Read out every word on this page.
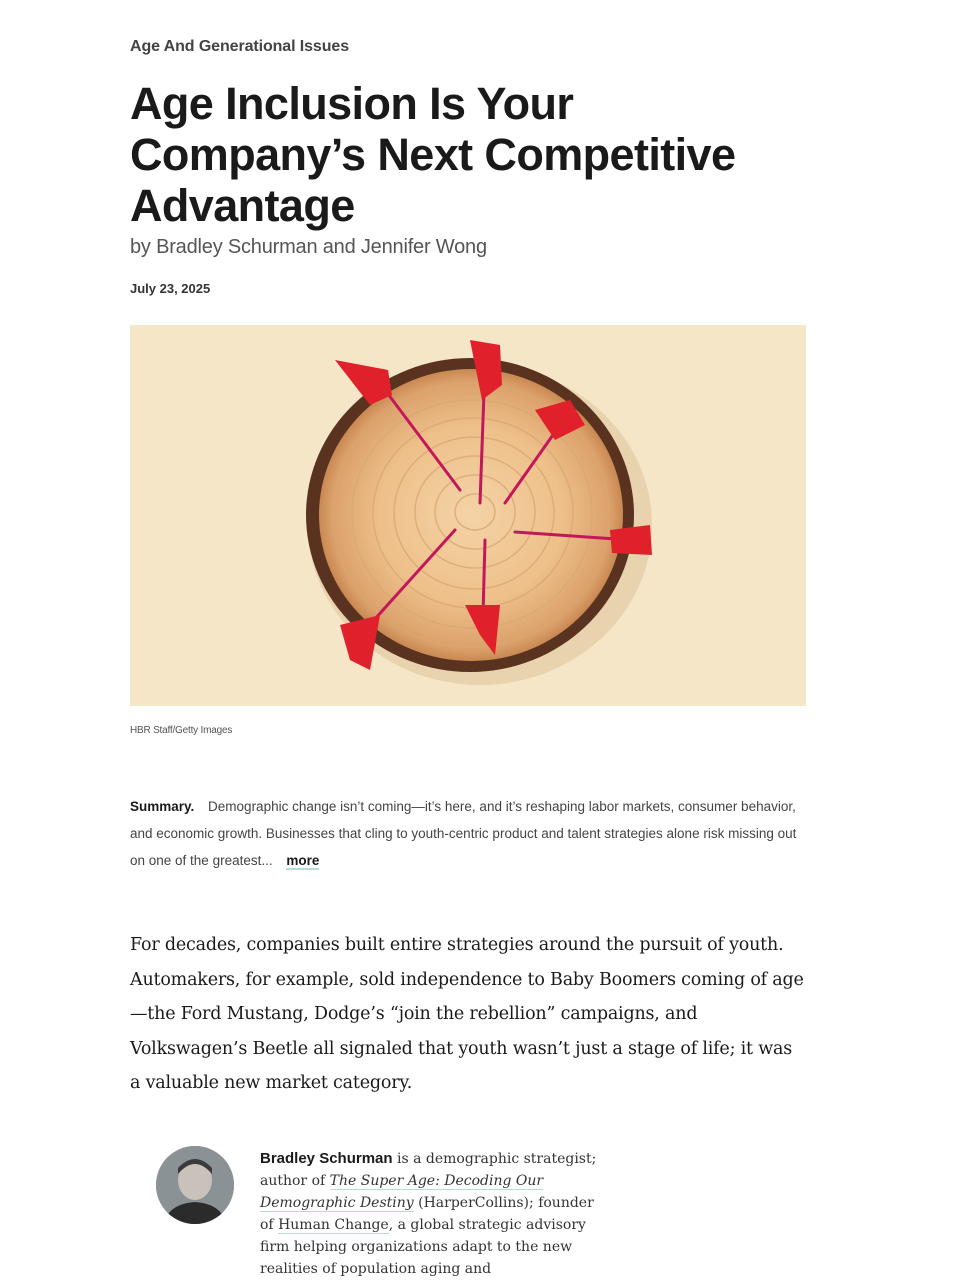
Age And Generational Issues
Age Inclusion Is Your Company’s Next Competitive Advantage
by Bradley Schurman and Jennifer Wong
July 23, 2025
HBR Staff/Getty Images
Summary. Demographic change isn’t coming—it’s here, and it’s reshaping labor markets, consumer behavior, and economic growth. Businesses that cling to youth-centric product and talent strategies alone risk missing out on one of the greatest... more

For decades, companies built entire strategies around the pursuit of youth. Automakers, for example, sold independence to Baby Boomers coming of age—the Ford Mustang, Dodge’s “join the rebellion” campaigns, and Volkswagen’s Beetle all signaled that youth wasn’t just a stage of life; it was a valuable new market category.

Bradley Schurman is a demographic strategist; author of The Super Age: Decoding Our Demographic Destiny (HarperCollins); founder of Human Change, a global strategic advisory firm helping organizations adapt to the new realities of population aging and
